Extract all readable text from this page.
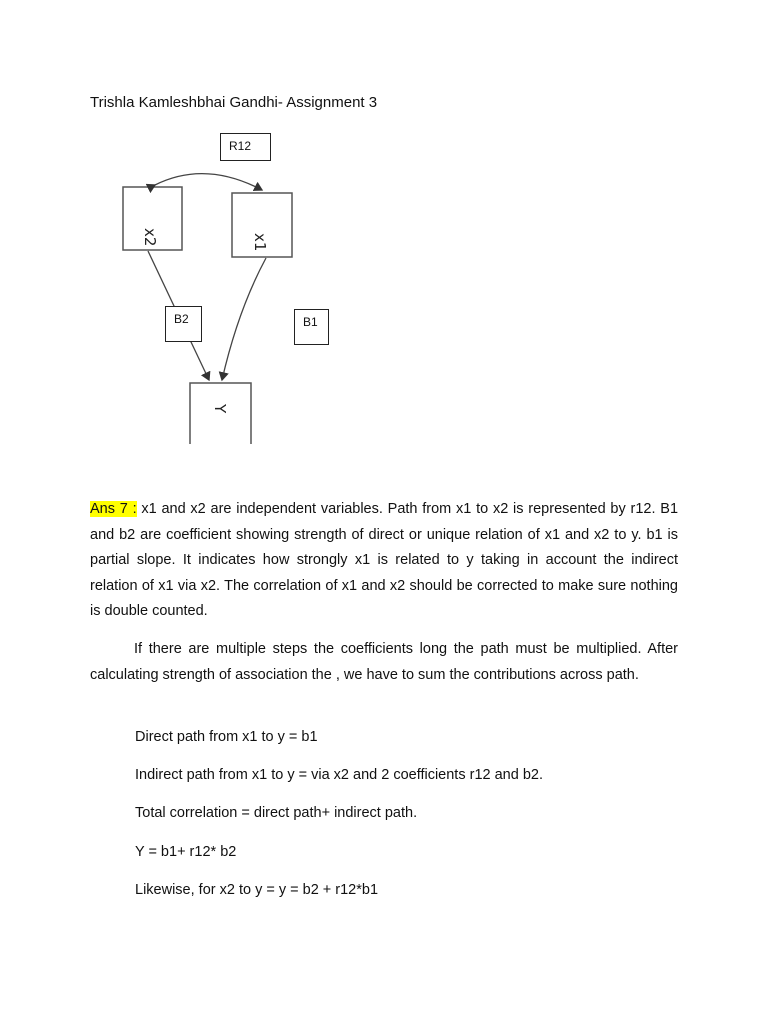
Trishla Kamleshbhai Gandhi- Assignment 3
x2	x1
Y
R12
B2	B1
Ans 7 : x1 and x2 are independent variables. Path from x1 to x2 is represented by r12. B1 and b2 are coefficient showing strength of direct or unique relation of x1 and x2 to y. b1 is partial slope. It indicates how strongly x1 is related to y taking in account the indirect relation of x1 via x2. The correlation of x1 and x2 should be corrected to make sure nothing is double counted.
If there are multiple steps the coefficients long the path must be multiplied. After calculating strength of association the , we have to sum the contributions across path.
Direct path from x1 to y = b1
Indirect path from x1 to y = via x2 and 2 coefficients r12 and b2.
Total correlation = direct path+ indirect path.
Y = b1+ r12* b2
Likewise, for x2 to y = y = b2 + r12*b1
